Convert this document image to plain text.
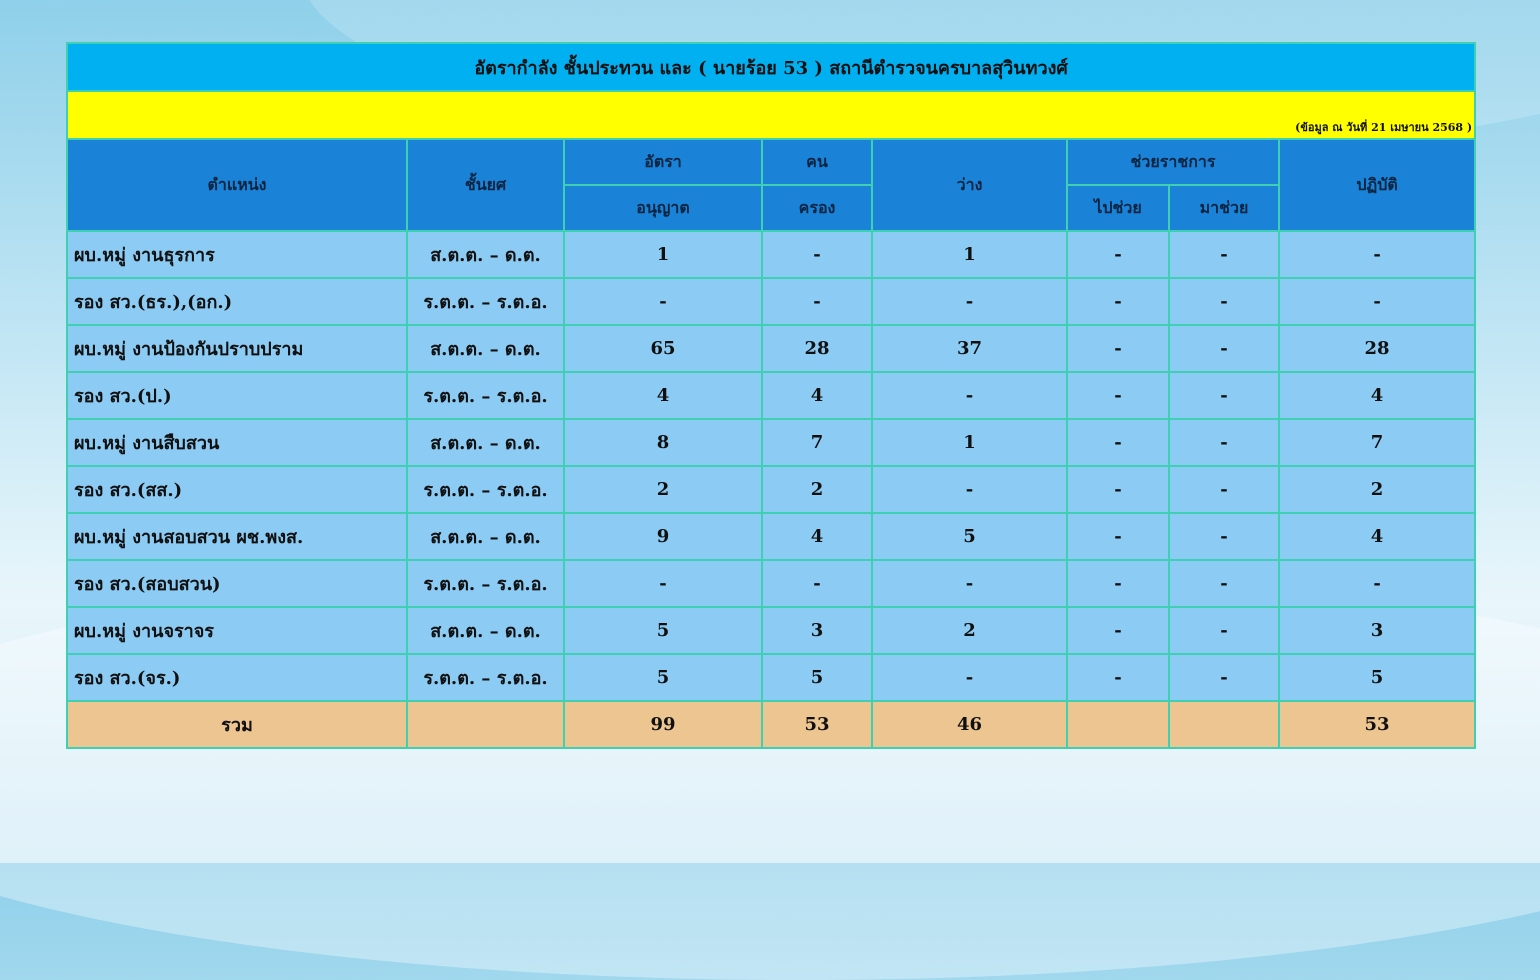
อัตรากำลัง ชั้นประทวน และ ( นายร้อย 53 ) สถานีตำรวจนครบาลสุวินทวงศ์							
(ข้อมูล ณ วันที่ 21 เมษายน 2568 )							
ตำแหน่ง	ชั้นยศ	อัตรา	คน	ว่าง	ช่วยราชการ		ปฏิบัติ
		อนุญาต	ครอง		ไปช่วย	มาช่วย	
ผบ.หมู่ งานธุรการ	ส.ต.ต. – ด.ต.	1	-	1	-	-	-
รอง สว.(ธร.),(อก.)	ร.ต.ต. – ร.ต.อ.	-	-	-	-	-	-
ผบ.หมู่ งานป้องกันปราบปราม	ส.ต.ต. – ด.ต.	65	28	37	-	-	28
รอง สว.(ป.)	ร.ต.ต. – ร.ต.อ.	4	4	-	-	-	4
ผบ.หมู่ งานสืบสวน	ส.ต.ต. – ด.ต.	8	7	1	-	-	7
รอง สว.(สส.)	ร.ต.ต. – ร.ต.อ.	2	2	-	-	-	2
ผบ.หมู่ งานสอบสวน ผช.พงส.	ส.ต.ต. – ด.ต.	9	4	5	-	-	4
รอง สว.(สอบสวน)	ร.ต.ต. – ร.ต.อ.	-	-	-	-	-	-
ผบ.หมู่ งานจราจร	ส.ต.ต. – ด.ต.	5	3	2	-	-	3
รอง สว.(จร.)	ร.ต.ต. – ร.ต.อ.	5	5	-	-	-	5
รวม		99	53	46			53
